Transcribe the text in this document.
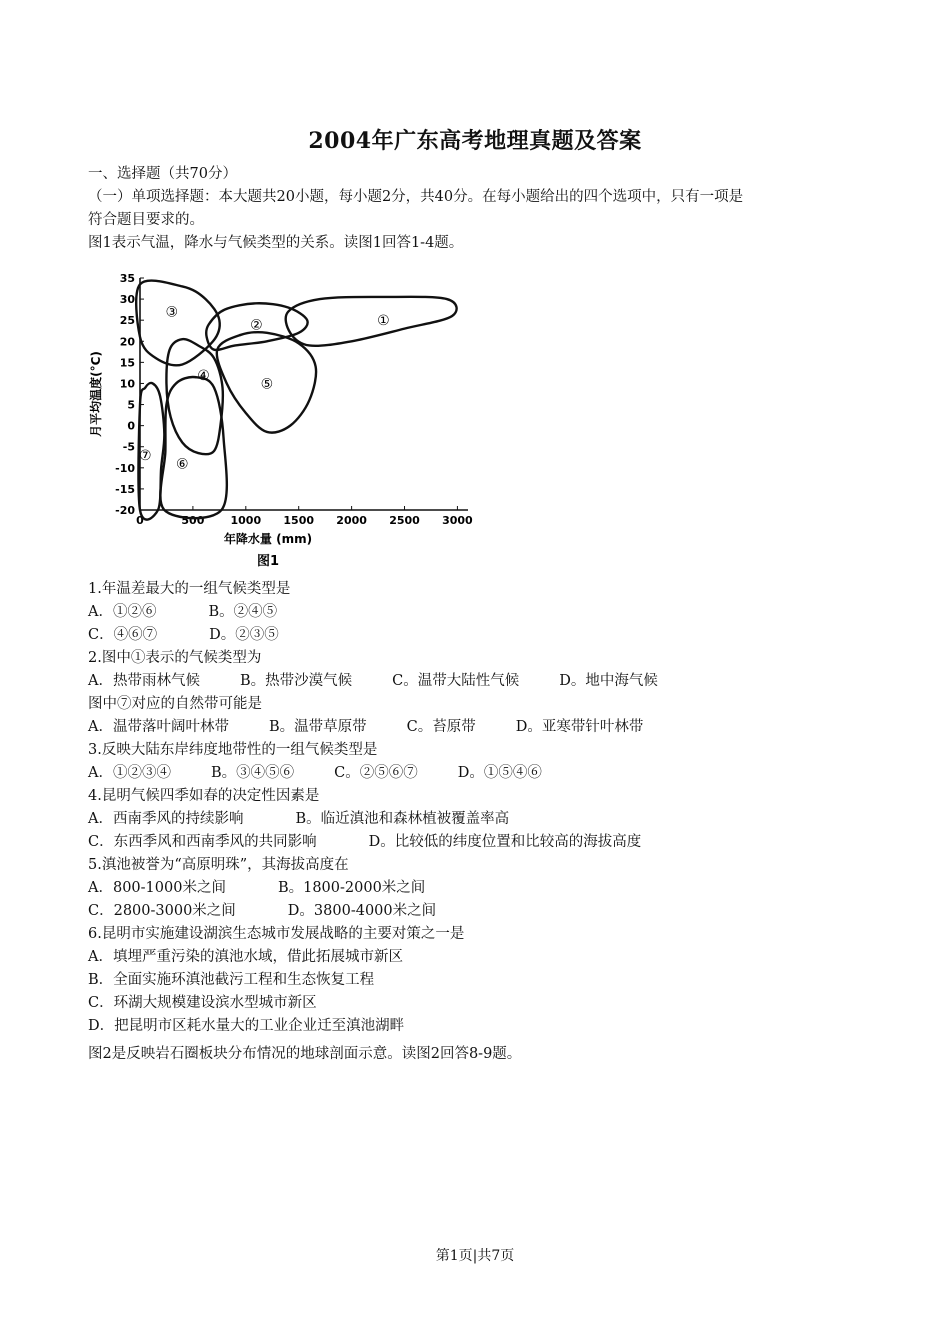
2004年广东高考地理真题及答案
一、选择题（共70分）
（一）单项选择题：本大题共20小题，每小题2分，共40分。在每小题给出的四个选项中，只有一项是
符合题目要求的。
图1表示气温，降水与气候类型的关系。读图1回答1-4题。
35
30
25
20
15
10
5
0
-5
-10
-15
-20
0	500 1000 1500 2000 2500 3000
①
②
③
④
⑤
⑥
⑦
月平均温度(°C)
年降水量 (mm)
图1
1.年温差最大的一组气候类型是
A．①②⑥	B。②④⑤
C．④⑥⑦	D。②③⑤
2.图中①表示的气候类型为
A．热带雨林气候	B。热带沙漠气候	C。温带大陆性气候	D。地中海气候
图中⑦对应的自然带可能是
A．温带落叶阔叶林带	B。温带草原带	C。苔原带	D。亚寒带针叶林带
3.反映大陆东岸纬度地带性的一组气候类型是
A．①②③④	B。③④⑤⑥	C。②⑤⑥⑦	D。①⑤④⑥
4.昆明气候四季如春的决定性因素是
A．西南季风的持续影响	B。临近滇池和森林植被覆盖率高
C．东西季风和西南季风的共同影响	D。比较低的纬度位置和比较高的海拔高度
5.滇池被誉为“高原明珠”，其海拔高度在
A．800-1000米之间	B。1800-2000米之间
C．2800-3000米之间	D。3800-4000米之间
6.昆明市实施建设湖滨生态城市发展战略的主要对策之一是
A．填埋严重污染的滇池水域，借此拓展城市新区
B．全面实施环滇池截污工程和生态恢复工程
C．环湖大规模建设滨水型城市新区
D．把昆明市区耗水量大的工业企业迁至滇池湖畔
图2是反映岩石圈板块分布情况的地球剖面示意。读图2回答8-9题。
第1页|共7页
